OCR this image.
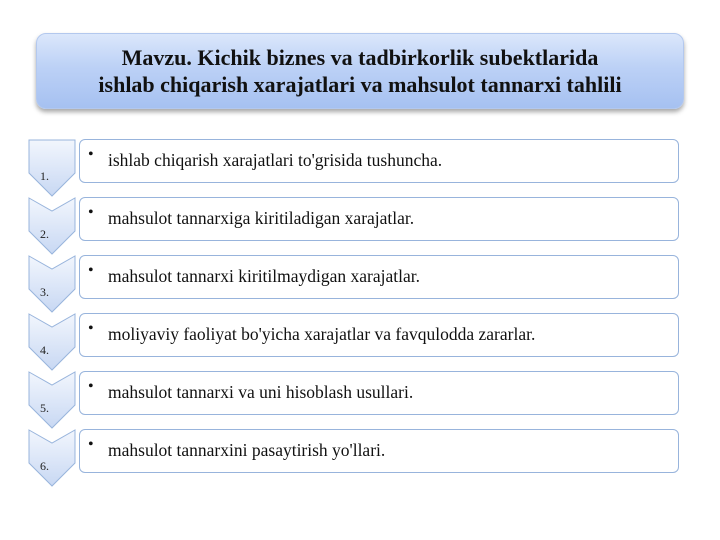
Mavzu. Kichik biznes va tadbirkorlik subektlarida
ishlab chiqarish xarajatlari va mahsulot tannarxi tahlili
1.
• ishlab chiqarish xarajatlari to'grisida tushuncha.
2.
• mahsulot tannarxiga kiritiladigan xarajatlar.
3.
• mahsulot tannarxi kiritilmaydigan xarajatlar.
4.
• moliyaviy faoliyat bo'yicha xarajatlar va favqulodda zararlar.
5.
• mahsulot tannarxi va uni hisoblash usullari.
6.
• mahsulot tannarxini pasaytirish yo'llari.
